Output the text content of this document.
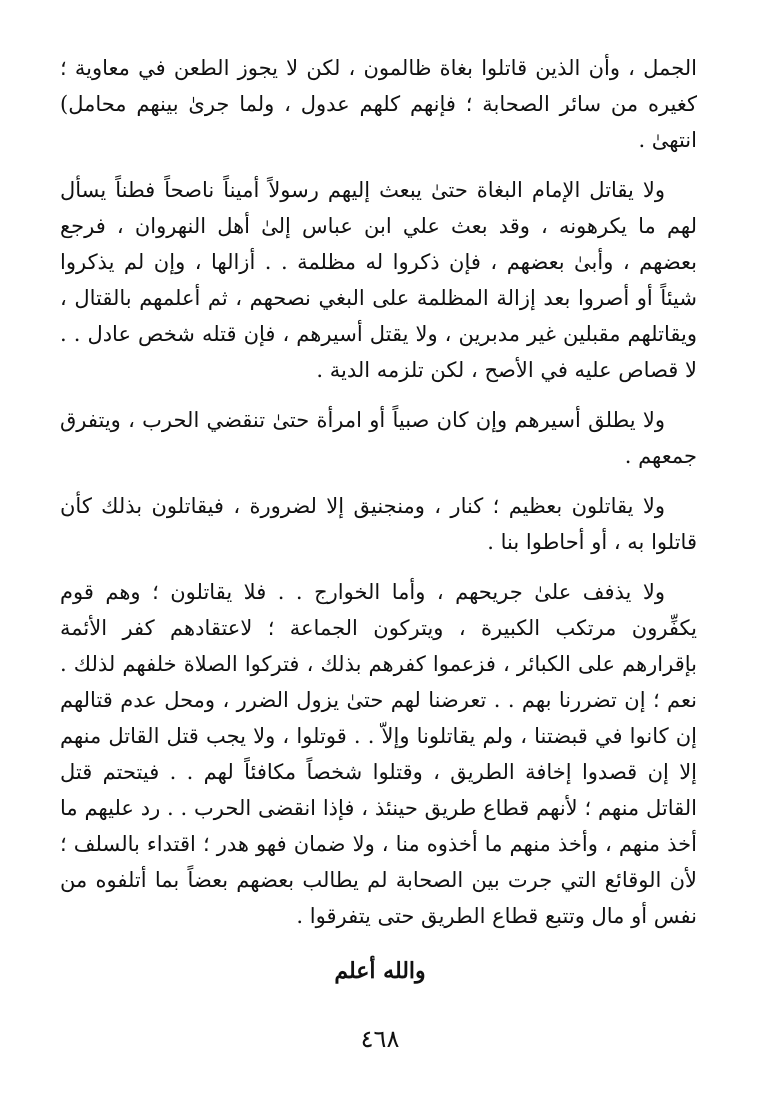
الجمل ، وأن الذين قاتلوا بغاة ظالمون ، لكن لا يجوز الطعن في معاوية ؛ كغيره من سائر الصحابة ؛ فإنهم كلهم عدول ، ولما جرىٰ بينهم محامل) انتهىٰ .

ولا يقاتل الإمام البغاة حتىٰ يبعث إليهم رسولاً أميناً ناصحاً فطناً يسأل لهم ما يكرهونه ، وقد بعث علي ابن عباس إلىٰ أهل النهروان ، فرجع بعضهم ، وأبىٰ بعضهم ، فإن ذكروا له مظلمة . . أزالها ، وإن لم يذكروا شيئاً أو أصروا بعد إزالة المظلمة على البغي نصحهم ، ثم أعلمهم بالقتال ، ويقاتلهم مقبلين غير مدبرين ، ولا يقتل أسيرهم ، فإن قتله شخص عادل . . لا قصاص عليه في الأصح ، لكن تلزمه الدية .

ولا يطلق أسيرهم وإن كان صبياً أو امرأة حتىٰ تنقضي الحرب ، ويتفرق جمعهم .

ولا يقاتلون بعظيم ؛ كنار ، ومنجنيق إلا لضرورة ، فيقاتلون بذلك كأن قاتلوا به ، أو أحاطوا بنا .

ولا يذفف علىٰ جريحهم ، وأما الخوارج . . فلا يقاتلون ؛ وهم قوم يكفِّرون مرتكب الكبيرة ، ويتركون الجماعة ؛ لاعتقادهم كفر الأئمة بإقرارهم على الكبائر ، فزعموا كفرهم بذلك ، فتركوا الصلاة خلفهم لذلك . نعم ؛ إن تضررنا بهم . . تعرضنا لهم حتىٰ يزول الضرر ، ومحل عدم قتالهم إن كانوا في قبضتنا ، ولم يقاتلونا وإلاّ . . قوتلوا ، ولا يجب قتل القاتل منهم إلا إن قصدوا إخافة الطريق ، وقتلوا شخصاً مكافئاً لهم . . فيتحتم قتل القاتل منهم ؛ لأنهم قطاع طريق حينئذ ، فإذا انقضى الحرب . . رد عليهم ما أخذ منهم ، وأخذ منهم ما أخذوه منا ، ولا ضمان فهو هدر ؛ اقتداء بالسلف ؛ لأن الوقائع التي جرت بين الصحابة لم يطالب بعضهم بعضاً بما أتلفوه من نفس أو مال وتتبع قطاع الطريق حتى يتفرقوا .

والله أعلم
٤٦٨
